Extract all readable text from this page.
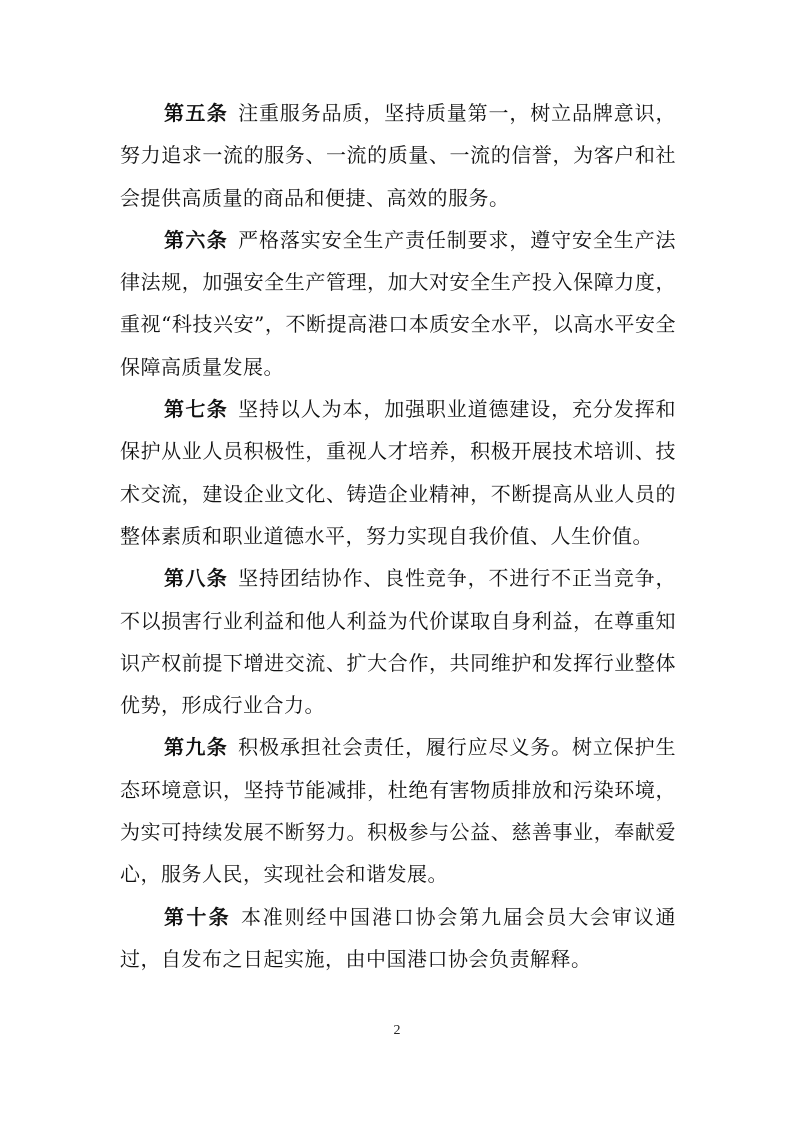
第五条 注重服务品质，坚持质量第一，树立品牌意识，努力追求一流的服务、一流的质量、一流的信誉，为客户和社会提供高质量的商品和便捷、高效的服务。

第六条 严格落实安全生产责任制要求，遵守安全生产法律法规，加强安全生产管理，加大对安全生产投入保障力度，重视“科技兴安”，不断提高港口本质安全水平，以高水平安全保障高质量发展。

第七条 坚持以人为本，加强职业道德建设，充分发挥和保护从业人员积极性，重视人才培养，积极开展技术培训、技术交流，建设企业文化、铸造企业精神，不断提高从业人员的整体素质和职业道德水平，努力实现自我价值、人生价值。

第八条 坚持团结协作、良性竞争，不进行不正当竞争，不以损害行业利益和他人利益为代价谋取自身利益，在尊重知识产权前提下增进交流、扩大合作，共同维护和发挥行业整体优势，形成行业合力。

第九条 积极承担社会责任，履行应尽义务。树立保护生态环境意识，坚持节能减排，杜绝有害物质排放和污染环境，为实可持续发展不断努力。积极参与公益、慈善事业，奉献爱心，服务人民，实现社会和谐发展。

第十条 本准则经中国港口协会第九届会员大会审议通过，自发布之日起实施，由中国港口协会负责解释。

2
